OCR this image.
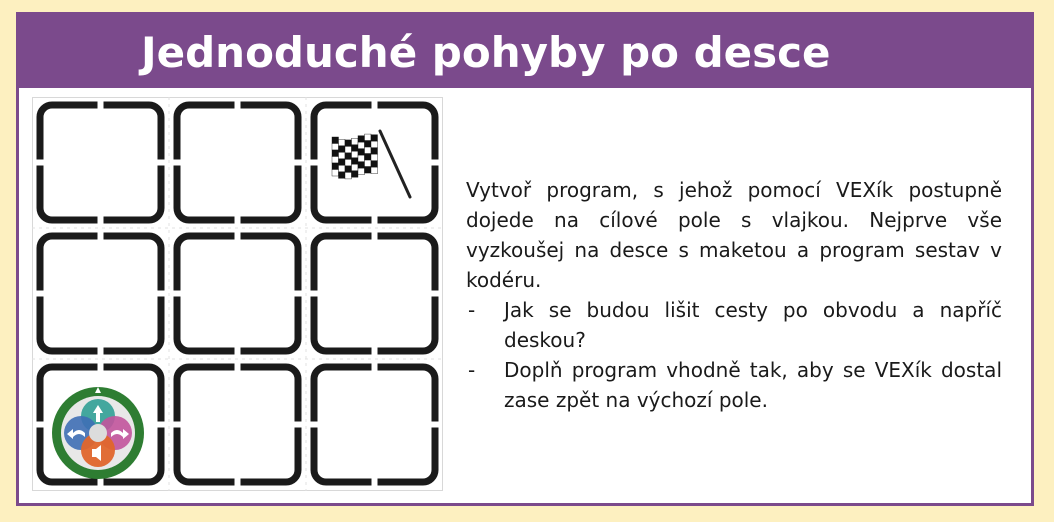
Jednoduché pohyby po desce

Vytvoř program, s jehož pomocí VEXík postupně dojede na cílové pole s vlajkou. Nejprve vše vyzkoušej na desce s maketou a program sestav v kodéru.

- Jak se budou lišit cesty po obvodu a napříč deskou?
- Doplň program vhodně tak, aby se VEXík dostal zase zpět na výchozí pole.
